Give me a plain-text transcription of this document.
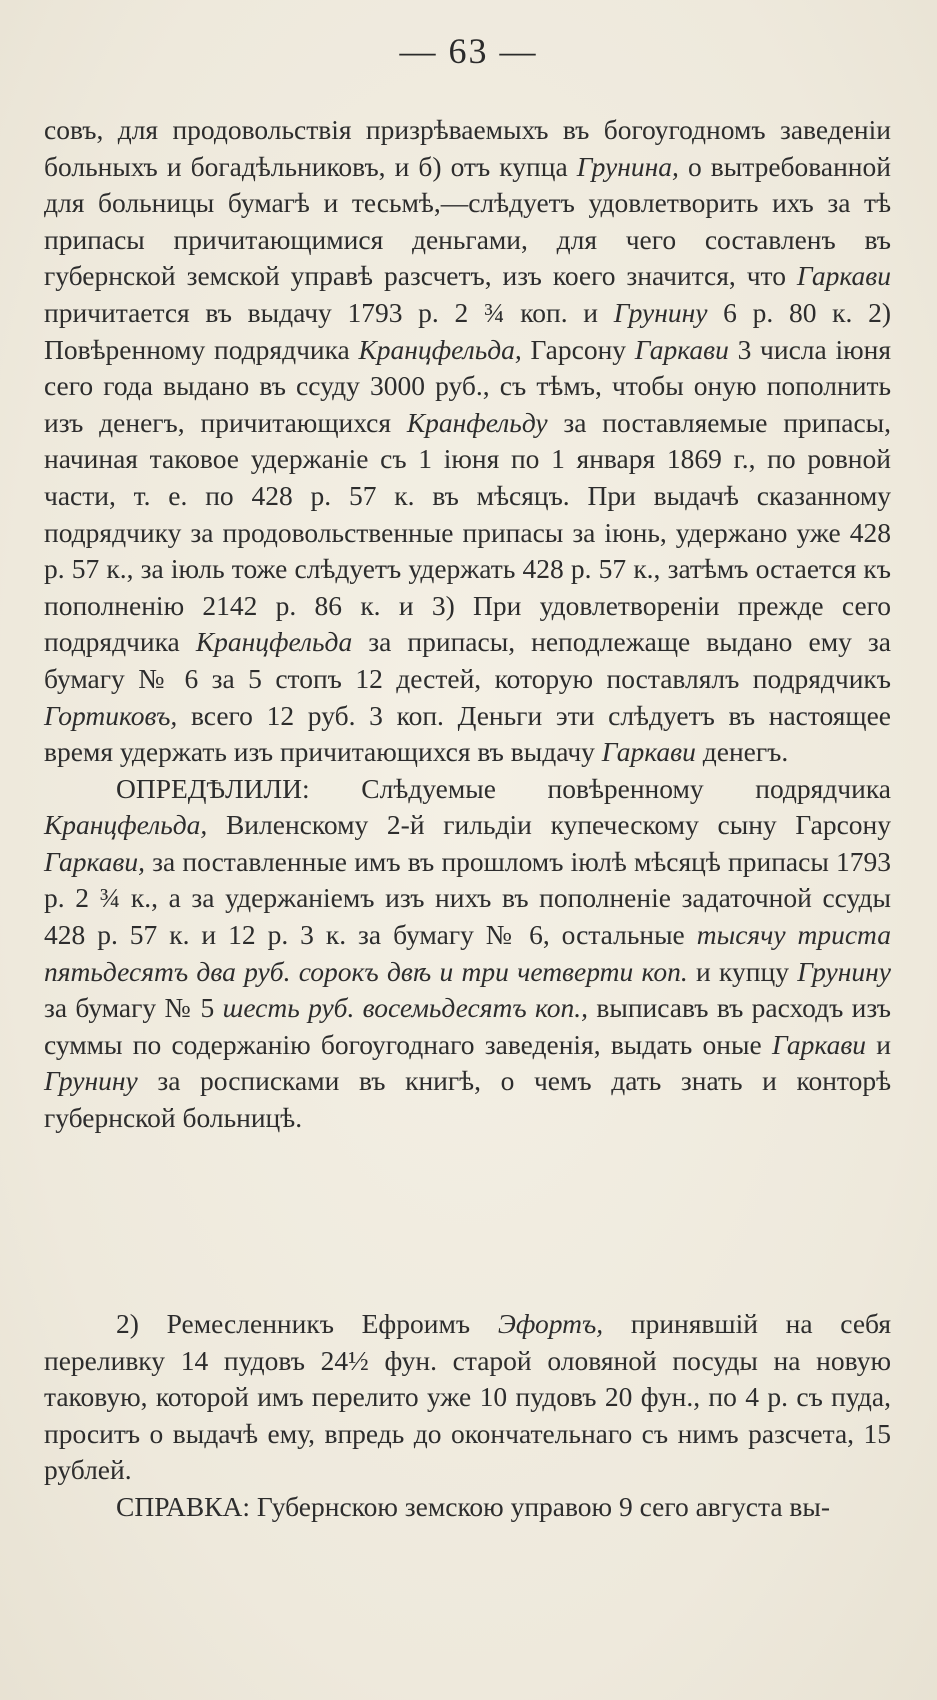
— 63 —

совъ, для продовольствія призрѣваемыхъ въ богоугодномъ заведеніи больныхъ и богадѣльниковъ, и б) отъ купца Грунина, о вытребованной для больницы бумагѣ и тесьмѣ,—слѣдуетъ удовлетворить ихъ за тѣ припасы причитающимися деньгами, для чего составленъ въ губернской земской управѣ разсчетъ, изъ коего значится, что Гаркави причитается въ выдачу 1793 р. 2 ¾ коп. и Грунину 6 р. 80 к. 2) Повѣренному подрядчика Кранцфельда, Гарсону Гаркави 3 числа іюня сего года выдано въ ссуду 3000 руб., съ тѣмъ, чтобы оную пополнить изъ денегъ, причитающихся Кранфельду за поставляемые припасы, начиная таковое удержаніе съ 1 іюня по 1 января 1869 г., по ровной части, т. е. по 428 р. 57 к. въ мѣсяцъ. При выдачѣ сказанному подрядчику за продовольственные припасы за іюнь, удержано уже 428 р. 57 к., за іюль тоже слѣдуетъ удержать 428 р. 57 к., затѣмъ остается къ пополненію 2142 р. 86 к. и 3) При удовлетвореніи прежде сего подрядчика Кранцфельда за припасы, неподлежаще выдано ему за бумагу № 6 за 5 стопъ 12 дестей, которую поставлялъ подрядчикъ Гортиковъ, всего 12 руб. 3 коп. Деньги эти слѣдуетъ въ настоящее время удержать изъ причитающихся въ выдачу Гаркави денегъ.

ОПРЕДѢЛИЛИ: Слѣдуемые повѣренному подрядчика Кранцфельда, Виленскому 2-й гильдіи купеческому сыну Гарсону Гаркави, за поставленные имъ въ прошломъ іюлѣ мѣсяцѣ припасы 1793 р. 2 ¾ к., а за удержаніемъ изъ нихъ въ пополненіе задаточной ссуды 428 р. 57 к. и 12 р. 3 к. за бумагу № 6, остальные тысячу триста пятьдесятъ два руб. сорокъ двѣ и три четверти коп. и купцу Грунину за бумагу № 5 шесть руб. восемьдесятъ коп., выписавъ въ расходъ изъ суммы по содержанію богоугоднаго заведенія, выдать оные Гаркави и Грунину за росписками въ книгѣ, о чемъ дать знать и конторѣ губернской больницѣ.

2) Ремесленникъ Ефроимъ Эфортъ, принявшій на себя переливку 14 пудовъ 24½ фун. старой оловяной посуды на новую таковую, которой имъ перелито уже 10 пудовъ 20 фун., по 4 р. съ пуда, проситъ о выдачѣ ему, впредь до окончательнаго съ нимъ разсчета, 15 рублей.

СПРАВКА: Губернскою земскою управою 9 сего августа вы-
